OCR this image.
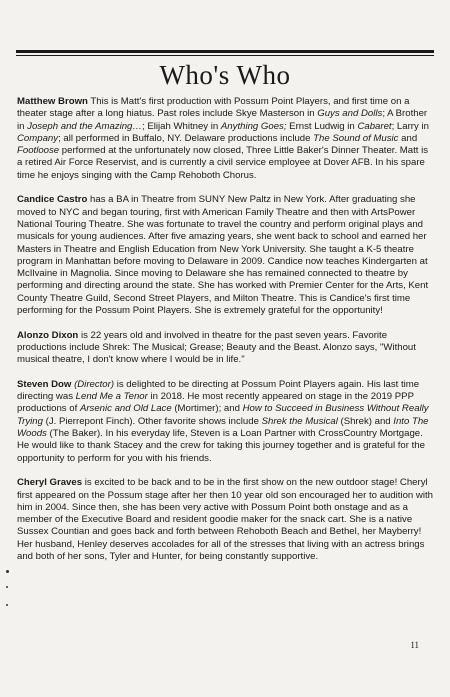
Who's Who

Matthew Brown This is Matt's first production with Possum Point Players, and first time on a theater stage after a long hiatus. Past roles include Skye Masterson in Guys and Dolls; A Brother in Joseph and the Amazing…; Elijah Whitney in Anything Goes; Ernst Ludwig in Cabaret; Larry in Company; all performed in Buffalo, NY. Delaware productions include The Sound of Music and Footloose performed at the unfortunately now closed, Three Little Baker's Dinner Theater. Matt is a retired Air Force Reservist, and is currently a civil service employee at Dover AFB. In his spare time he enjoys singing with the Camp Rehoboth Chorus.

Candice Castro has a BA in Theatre from SUNY New Paltz in New York. After graduating she moved to NYC and began touring, first with American Family Theatre and then with ArtsPower National Touring Theatre. She was fortunate to travel the country and perform original plays and musicals for young audiences. After five amazing years, she went back to school and earned her Masters in Theatre and English Education from New York University. She taught a K-5 theatre program in Manhattan before moving to Delaware in 2009. Candice now teaches Kindergarten at McIlvaine in Magnolia. Since moving to Delaware she has remained connected to theatre by performing and directing around the state. She has worked with Premier Center for the Arts, Kent County Theatre Guild, Second Street Players, and Milton Theatre. This is Candice's first time performing for the Possum Point Players. She is extremely grateful for the opportunity!

Alonzo Dixon is 22 years old and involved in theatre for the past seven years. Favorite productions include Shrek: The Musical; Grease; Beauty and the Beast. Alonzo says, "Without musical theatre, I don't know where I would be in life."

Steven Dow (Director) is delighted to be directing at Possum Point Players again. His last time directing was Lend Me a Tenor in 2018. He most recently appeared on stage in the 2019 PPP productions of Arsenic and Old Lace (Mortimer); and How to Succeed in Business Without Really Trying (J. Pierrepont Finch). Other favorite shows include Shrek the Musical (Shrek) and Into The Woods (The Baker). In his everyday life, Steven is a Loan Partner with CrossCountry Mortgage. He would like to thank Stacey and the crew for taking this journey together and is grateful for the opportunity to perform for you with his friends.

Cheryl Graves is excited to be back and to be in the first show on the new outdoor stage! Cheryl first appeared on the Possum stage after her then 10 year old son encouraged her to audition with him in 2004. Since then, she has been very active with Possum Point both onstage and as a member of the Executive Board and resident goodie maker for the snack cart. She is a native Sussex Countian and goes back and forth between Rehoboth Beach and Bethel, her Mayberry! Her husband, Henley deserves accolades for all of the stresses that living with an actress brings and both of her sons, Tyler and Hunter, for being constantly supportive.

11
